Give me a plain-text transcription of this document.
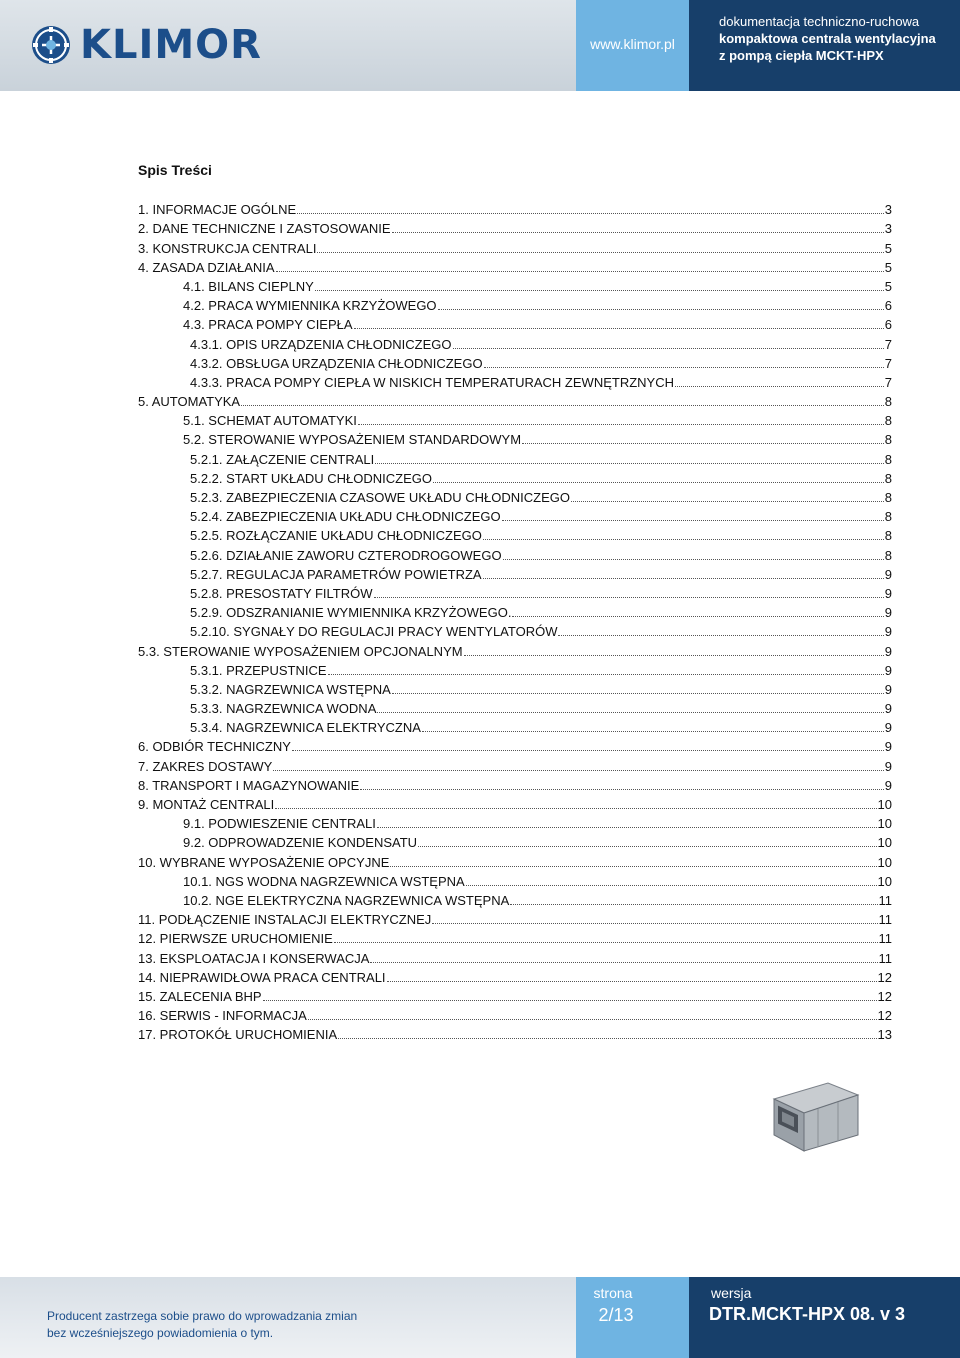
KLIMOR	www.klimor.pl
dokumentacja techniczno-ruchowa
kompaktowa centrala wentylacyjna
z pompą ciepła MCKT-HPX
Spis Treści
1. INFORMACJE OGÓLNE	3
2. DANE TECHNICZNE I ZASTOSOWANIE	3
3. KONSTRUKCJA CENTRALI	5
4. ZASADA DZIAŁANIA	5
4.1. BILANS CIEPLNY	5
4.2. PRACA WYMIENNIKA KRZYŻOWEGO	6
4.3. PRACA POMPY CIEPŁA	6
4.3.1. OPIS URZĄDZENIA CHŁODNICZEGO	7
4.3.2. OBSŁUGA URZĄDZENIA CHŁODNICZEGO	7
4.3.3. PRACA POMPY CIEPŁA W NISKICH TEMPERATURACH ZEWNĘTRZNYCH	7
5. AUTOMATYKA	8
5.1. SCHEMAT AUTOMATYKI	8
5.2. STEROWANIE WYPOSAŻENIEM STANDARDOWYM	8
5.2.1. ZAŁĄCZENIE CENTRALI	8
5.2.2. START UKŁADU CHŁODNICZEGO	8
5.2.3. ZABEZPIECZENIA CZASOWE UKŁADU CHŁODNICZEGO	8
5.2.4. ZABEZPIECZENIA UKŁADU CHŁODNICZEGO	8
5.2.5. ROZŁĄCZANIE UKŁADU CHŁODNICZEGO	8
5.2.6. DZIAŁANIE ZAWORU CZTERODROGOWEGO	8
5.2.7. REGULACJA PARAMETRÓW POWIETRZA	9
5.2.8. PRESOSTATY FILTRÓW	9
5.2.9. ODSZRANIANIE WYMIENNIKA KRZYŻOWEGO.	9
5.2.10. SYGNAŁY DO REGULACJI PRACY WENTYLATORÓW	9
5.3. STEROWANIE WYPOSAŻENIEM OPCJONALNYM	9
5.3.1. PRZEPUSTNICE	9
5.3.2. NAGRZEWNICA WSTĘPNA	9
5.3.3. NAGRZEWNICA WODNA	9
5.3.4. NAGRZEWNICA ELEKTRYCZNA	9
6. ODBIÓR TECHNICZNY	9
7. ZAKRES DOSTAWY	9
8. TRANSPORT I MAGAZYNOWANIE	9
9. MONTAŻ CENTRALI	10
9.1. PODWIESZENIE CENTRALI	10
9.2. ODPROWADZENIE KONDENSATU	10
10. WYBRANE WYPOSAŻENIE OPCYJNE	10
10.1. NGS WODNA NAGRZEWNICA WSTĘPNA	10
10.2. NGE ELEKTRYCZNA NAGRZEWNICA WSTĘPNA	11
11. PODŁĄCZENIE INSTALACJI ELEKTRYCZNEJ	11
12. PIERWSZE URUCHOMIENIE	11
13. EKSPLOATACJA I KONSERWACJA	11
14. NIEPRAWIDŁOWA PRACA CENTRALI	12
15. ZALECENIA BHP	12
16. SERWIS - INFORMACJA	12
17. PROTOKÓŁ URUCHOMIENIA	13
Producent zastrzega sobie prawo do wprowadzania zmian
bez wcześniejszego powiadomienia o tym.
strona
2/13
wersja
DTR.MCKT-HPX 08. v 3
